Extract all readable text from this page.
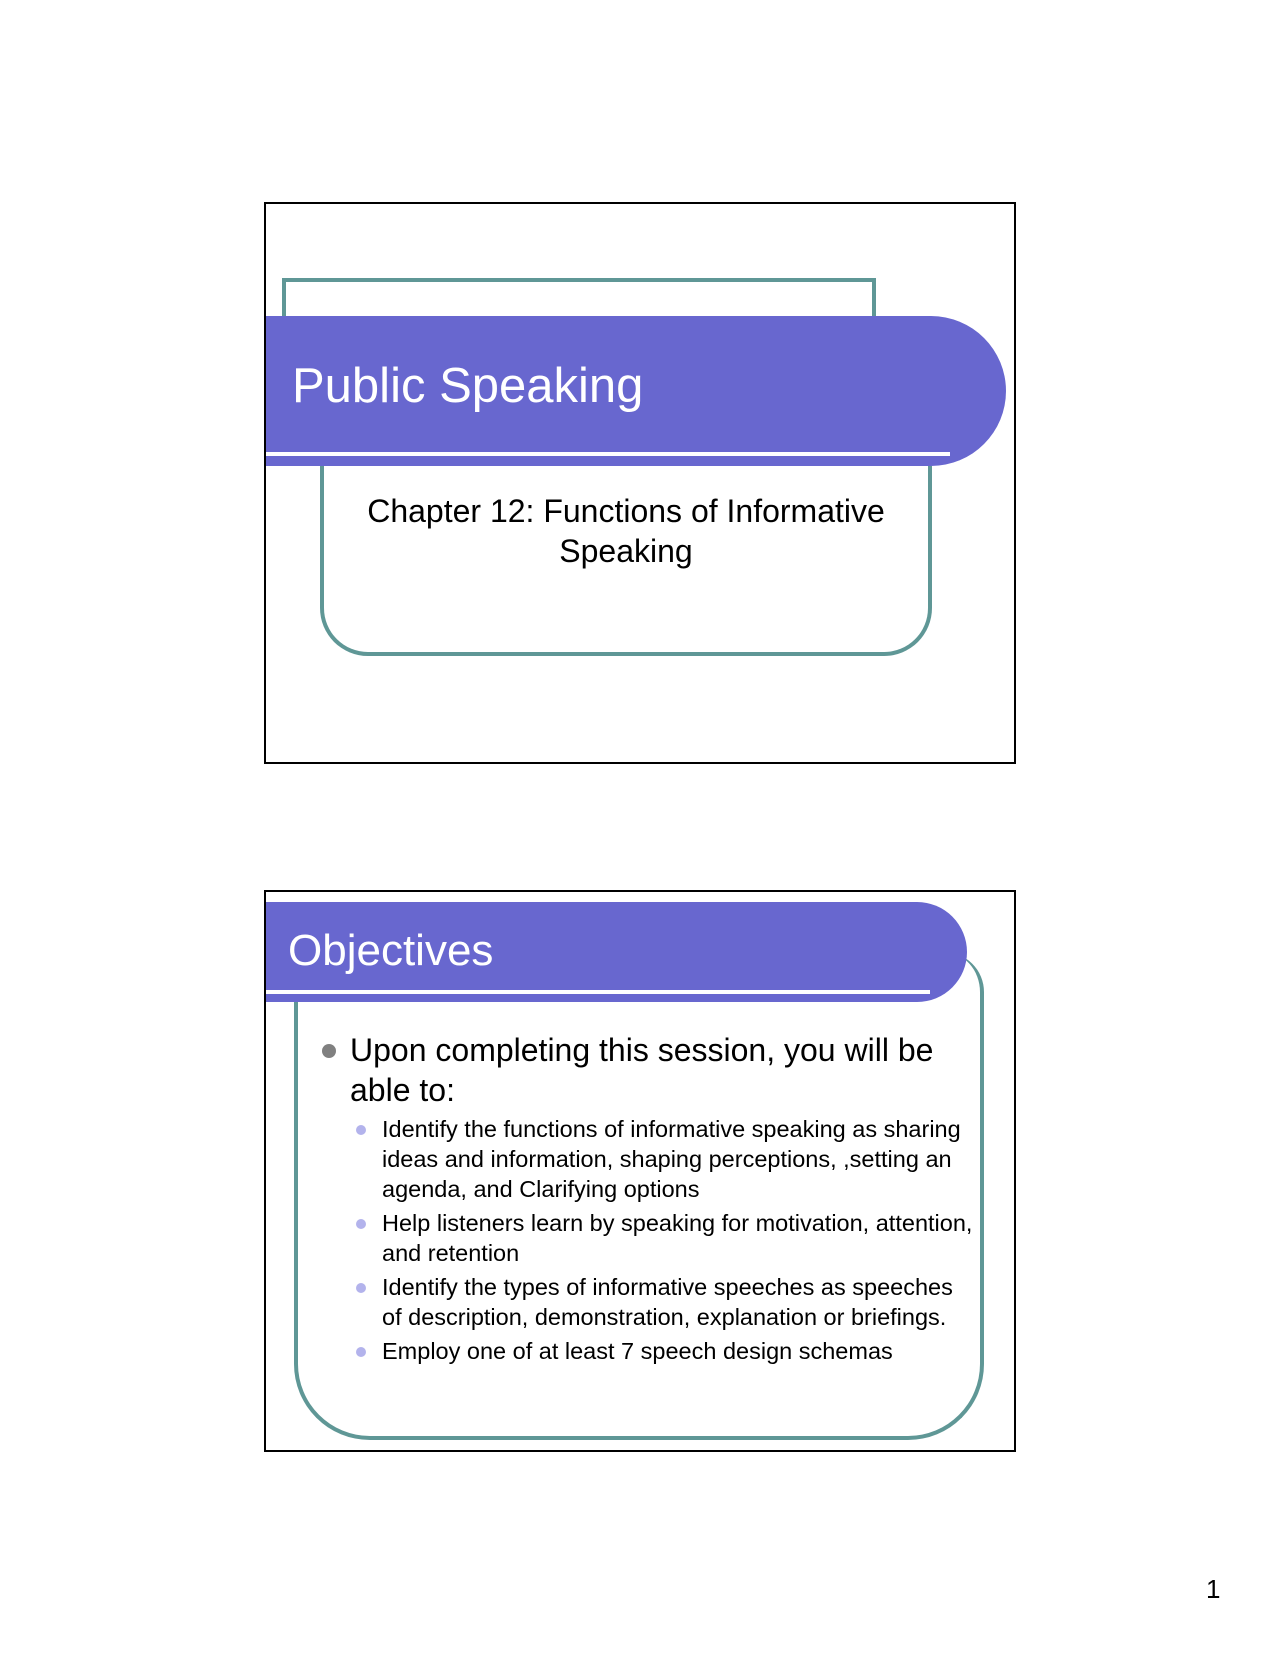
Public Speaking
Chapter 12: Functions of Informative Speaking
Objectives
Upon completing this session, you will be able to:
Identify the functions of informative speaking as sharing ideas and information, shaping perceptions, ,setting an agenda, and Clarifying options
Help listeners learn by speaking for motivation, attention, and retention
Identify the types of informative speeches as speeches of description, demonstration, explanation or briefings.
Employ one of at least 7 speech design schemas
1
